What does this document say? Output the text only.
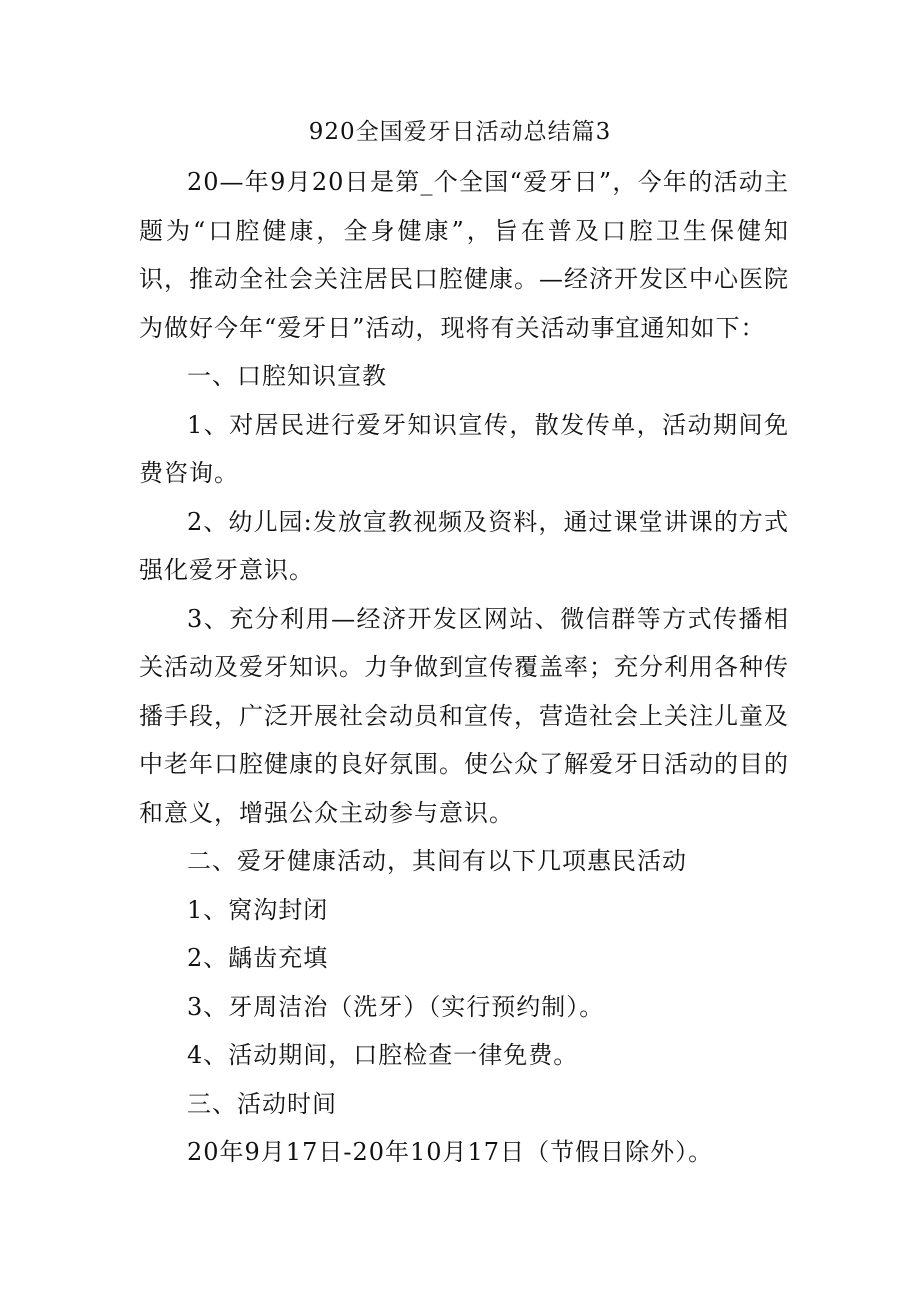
920全国爱牙日活动总结篇3

20—年9月20日是第_个全国“爱牙日”，今年的活动主题为“口腔健康，全身健康”，旨在普及口腔卫生保健知识，推动全社会关注居民口腔健康。—经济开发区中心医院为做好今年“爱牙日”活动，现将有关活动事宜通知如下：

一、口腔知识宣教

1、对居民进行爱牙知识宣传，散发传单，活动期间免费咨询。

2、幼儿园:发放宣教视频及资料，通过课堂讲课的方式强化爱牙意识。

3、充分利用—经济开发区网站、微信群等方式传播相关活动及爱牙知识。力争做到宣传覆盖率；充分利用各种传播手段，广泛开展社会动员和宣传，营造社会上关注儿童及中老年口腔健康的良好氛围。使公众了解爱牙日活动的目的和意义，增强公众主动参与意识。

二、爱牙健康活动，其间有以下几项惠民活动

1、窝沟封闭

2、龋齿充填

3、牙周洁治（洗牙）（实行预约制）。

4、活动期间，口腔检查一律免费。

三、活动时间

20年9月17日-20年10月17日（节假日除外）。
